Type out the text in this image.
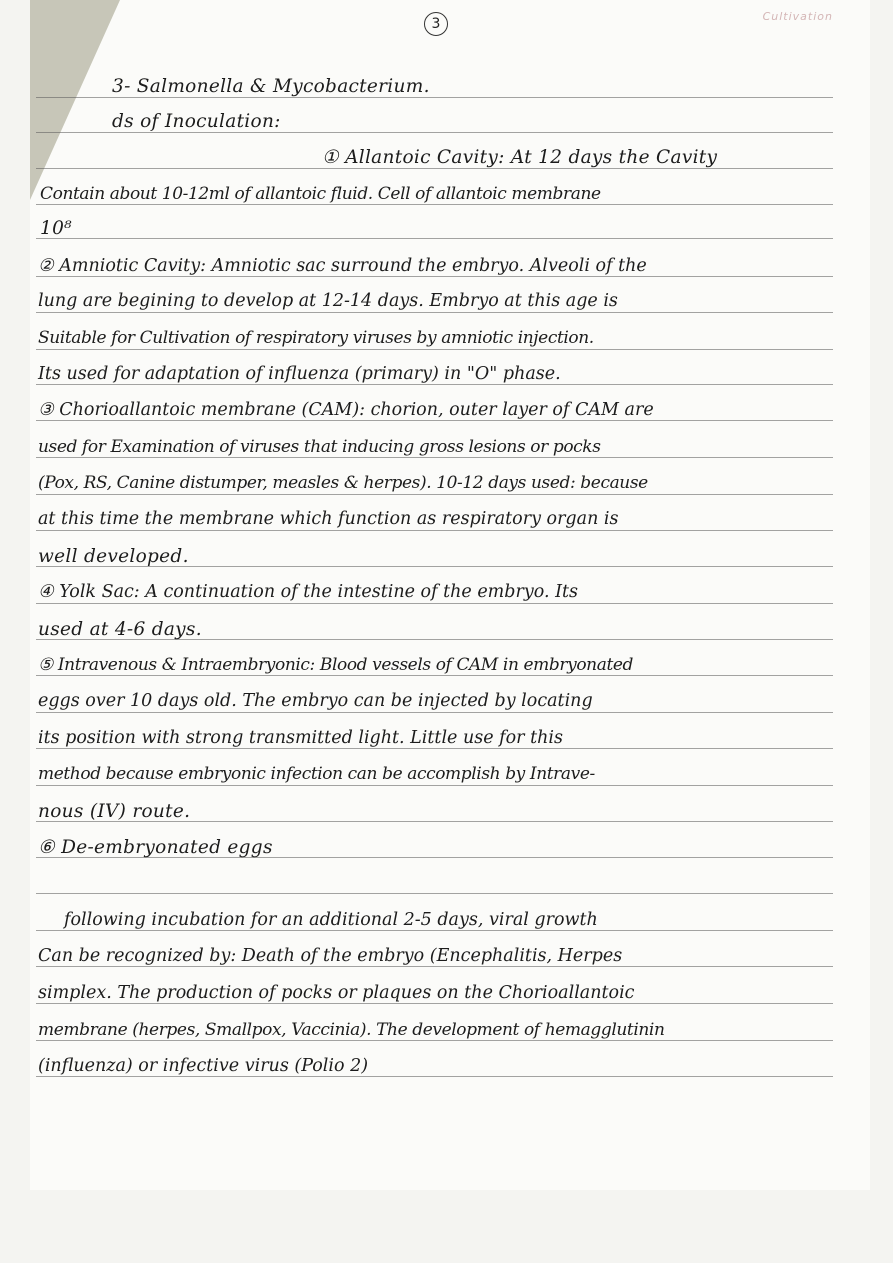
Cultivation
3
3- Salmonella & Mycobacterium.
ds of Inoculation:
① Allantoic Cavity: At 12 days the Cavity
Contain about 10-12ml of allantoic fluid. Cell of allantoic membrane
10⁸
② Amniotic Cavity: Amniotic sac surround the embryo. Alveoli of the
lung are begining to develop at 12-14 days. Embryo at this age is
Suitable for Cultivation of respiratory viruses by amniotic injection.
Its used for adaptation of influenza (primary) in "O" phase.
③ Chorioallantoic membrane (CAM): chorion, outer layer of CAM are
used for Examination of viruses that inducing gross lesions or pocks
(Pox, RS, Canine distumper, measles & herpes). 10-12 days used: because
at this time the membrane which function as respiratory organ is
well developed.
④ Yolk Sac: A continuation of the intestine of the embryo. Its
used at 4-6 days.
⑤ Intravenous & Intraembryonic: Blood vessels of CAM in embryonated
eggs over 10 days old. The embryo can be injected by locating
its position with strong transmitted light. Little use for this
method because embryonic infection can be accomplish by Intrave-
nous (IV) route.
⑥ De-embryonated eggs
following incubation for an additional 2-5 days, viral growth
Can be recognized by: Death of the embryo (Encephalitis, Herpes
simplex. The production of pocks or plaques on the Chorioallantoic
membrane (herpes, Smallpox, Vaccinia). The development of hemagglutinin
(influenza) or infective virus (Polio 2)
